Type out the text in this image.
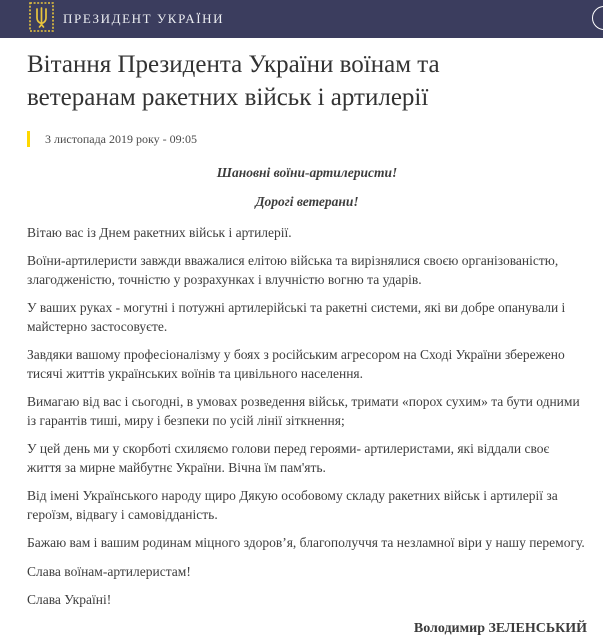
ПРЕЗИДЕНТ УКРАЇНИ
Вітання Президента України воїнам та ветеранам ракетних військ і артилерії
3 листопада 2019 року - 09:05

Шановні воїни-артилеристи!

Дорогі ветерани!

Вітаю вас із Днем ракетних військ і артилерії.

Воїни-артилеристи завжди вважалися елітою війська та вирізнялися своєю організованістю, злагодженістю, точністю у розрахунках і влучністю вогню та ударів.

У ваших руках - могутні і потужні артилерійські та ракетні системи, які ви добре опанували і майстерно застосовуєте.

Завдяки вашому професіоналізму у боях з російським агресором на Сході України збережено тисячі життів українських воїнів та цивільного населення.

Вимагаю від вас і сьогодні, в умовах розведення військ, тримати «порох сухим» та бути одними із гарантів тиші, миру і безпеки по усій лінії зіткнення;

У цей день ми у скорботі схиляємо голови перед героями- артилеристами, які віддали своє життя за мирне майбутнє України. Вічна їм пам'ять.

Від імені Українського народу щиро Дякую особовому складу ракетних військ і артилерії за героїзм, відвагу і самовідданість.

Бажаю вам і вашим родинам міцного здоров’я, благополуччя та незламної віри у нашу перемогу.

Слава воїнам-артилеристам!

Слава Україні!

Володимир ЗЕЛЕНСЬКИЙ
